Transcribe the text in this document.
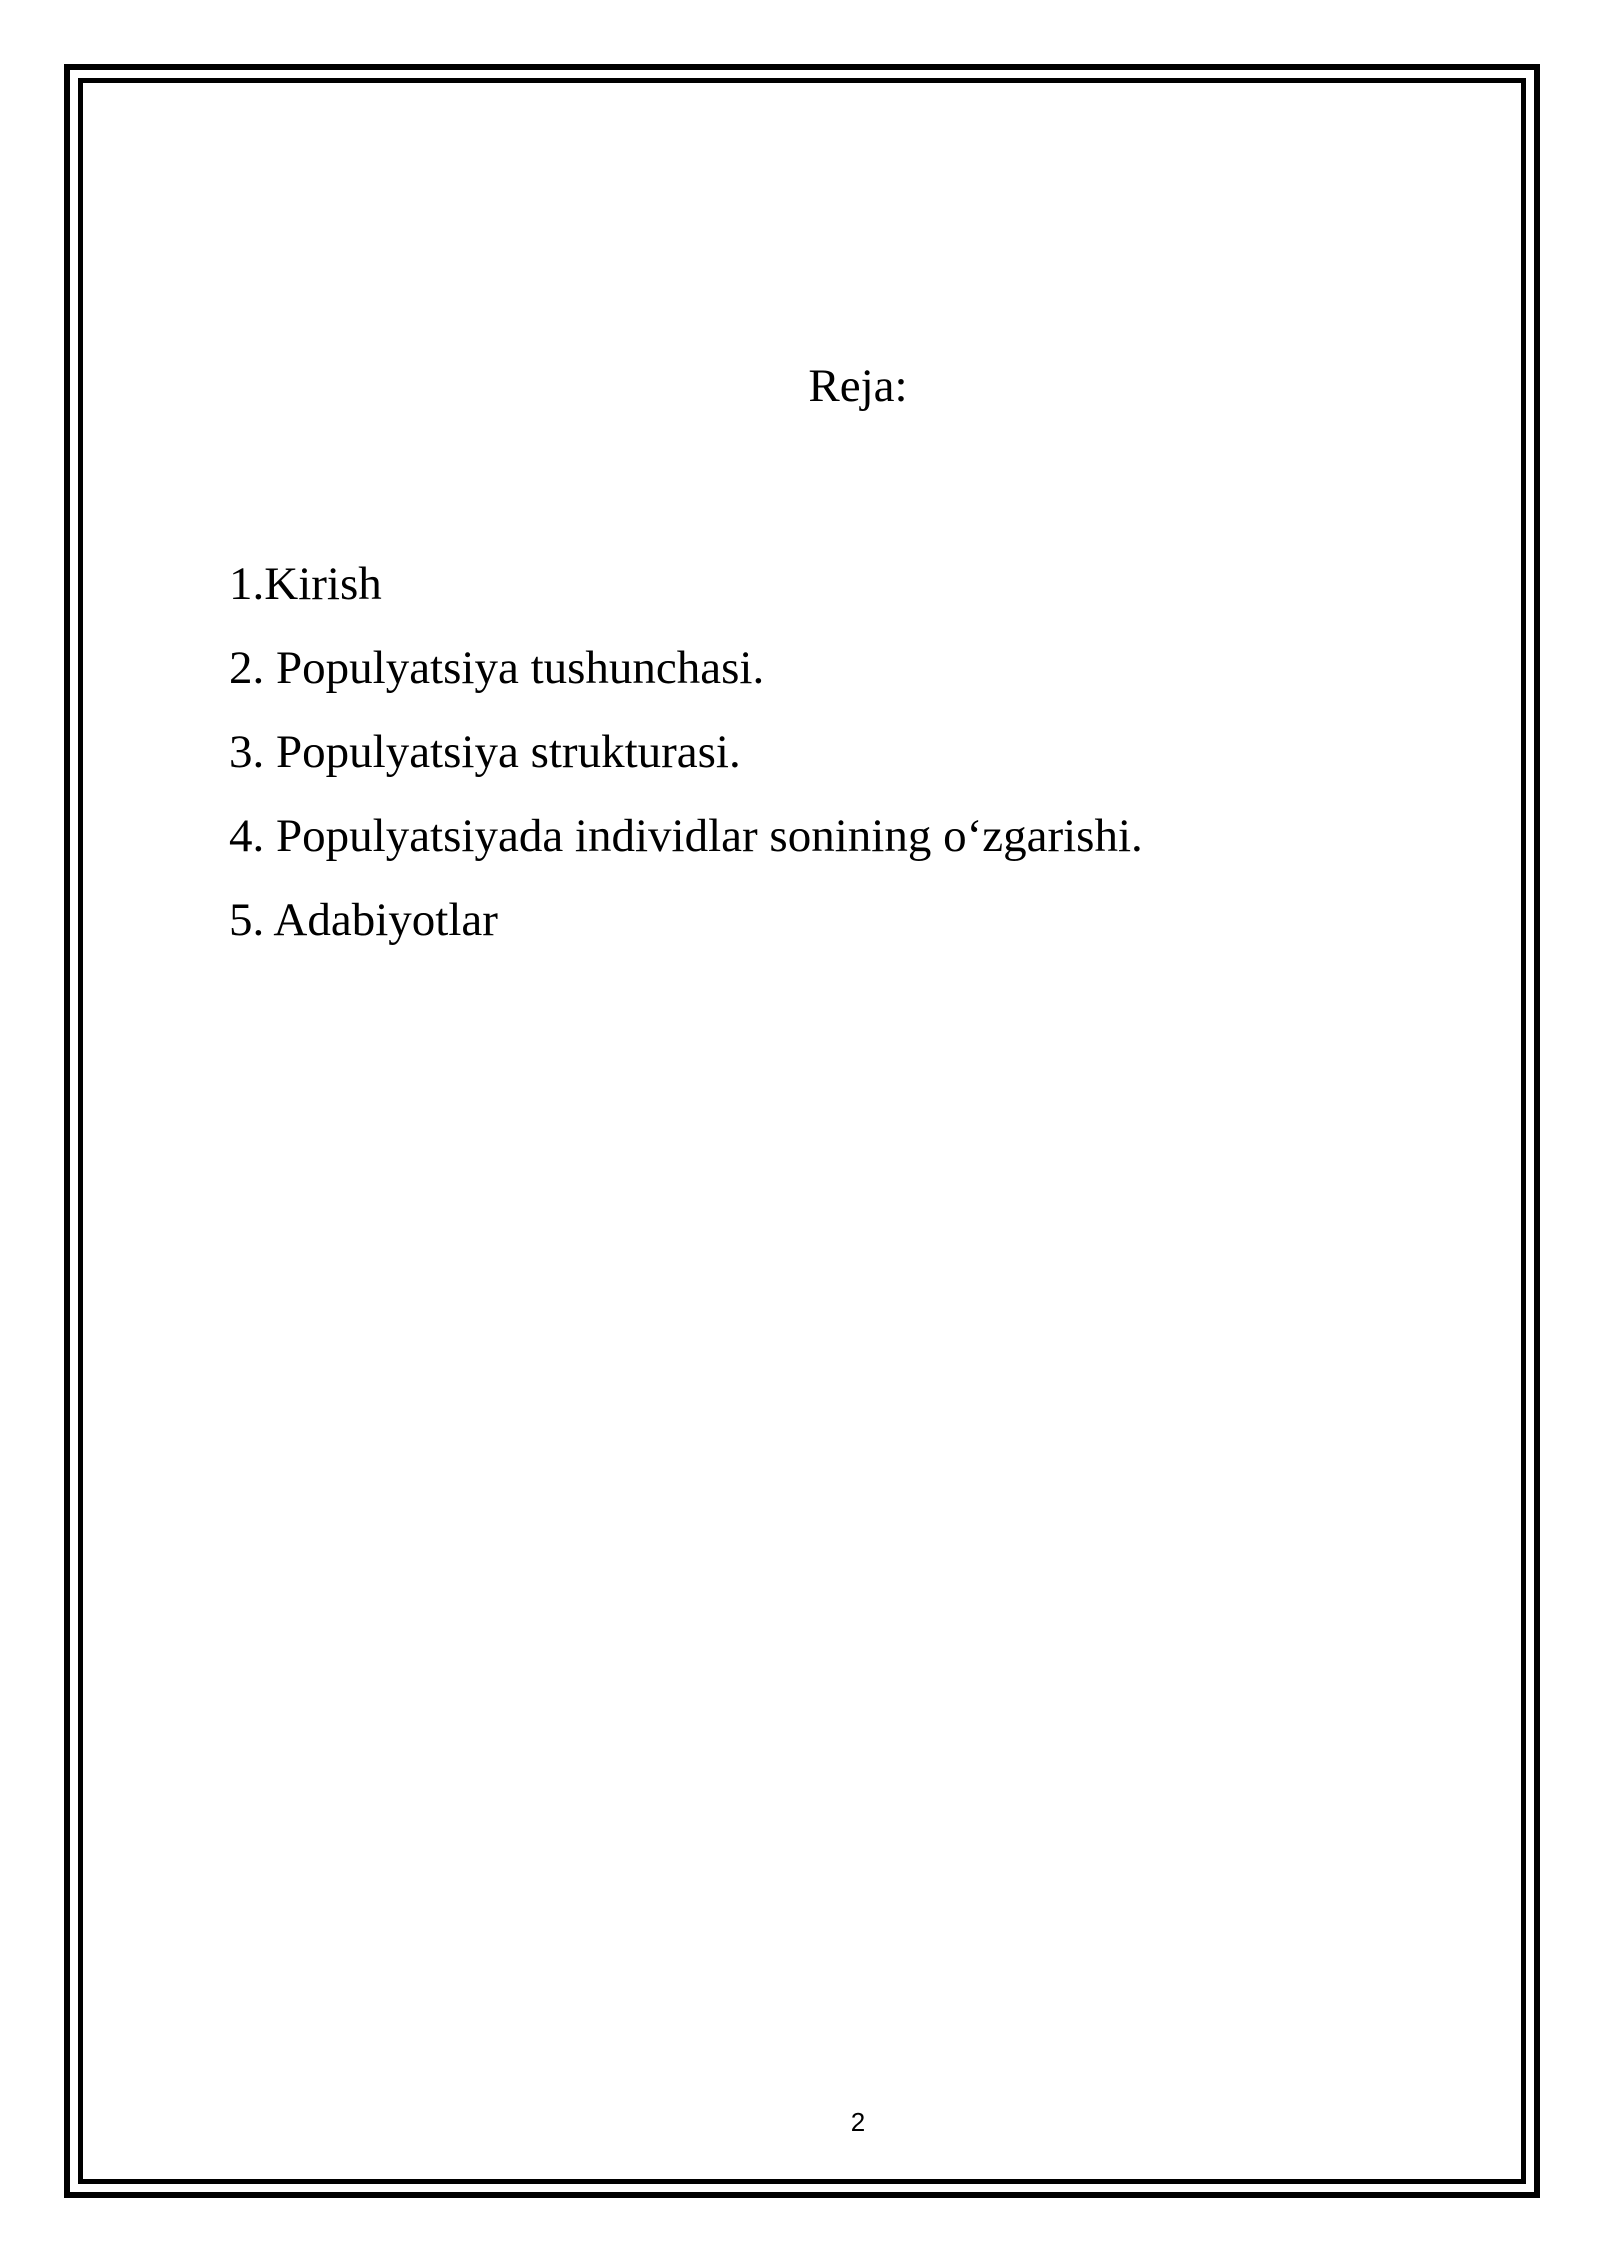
Reja:
1.Kirish
2. Populyatsiya tushunchasi.
3. Populyatsiya strukturasi.
4. Populyatsiyada individlar sonining o‘zgarishi.
5. Adabiyotlar
2
